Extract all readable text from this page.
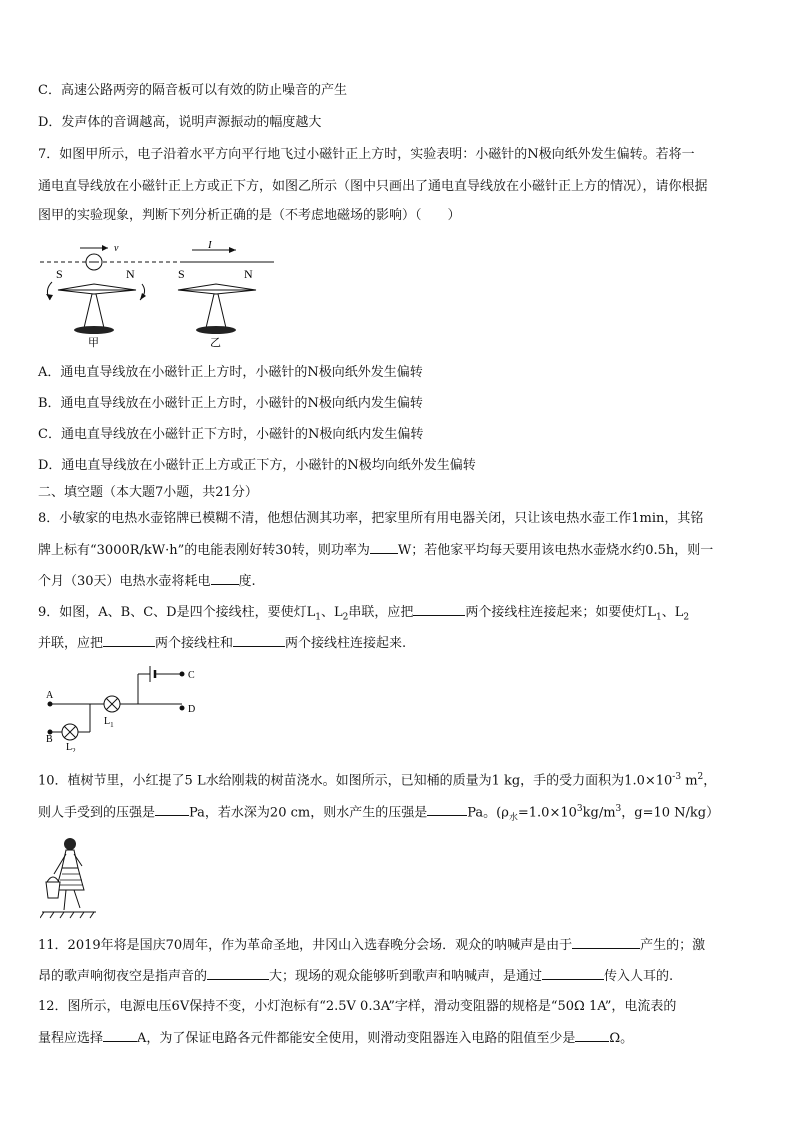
C．高速公路两旁的隔音板可以有效的防止噪音的产生
D．发声体的音调越高，说明声源振动的幅度越大
7．如图甲所示，电子沿着水平方向平行地飞过小磁针正上方时，实验表明：小磁针的N极向纸外发生偏转。若将一
通电直导线放在小磁针正上方或正下方，如图乙所示（图中只画出了通电直导线放在小磁针正上方的情况），请你根据
图甲的实验现象，判断下列分析正确的是（不考虑地磁场的影响）（　　）
v
S	N
甲
I
S	N
乙
A．通电直导线放在小磁针正上方时，小磁针的N极向纸外发生偏转
B．通电直导线放在小磁针正上方时，小磁针的N极向纸内发生偏转
C．通电直导线放在小磁针正下方时，小磁针的N极向纸内发生偏转
D．通电直导线放在小磁针正上方或正下方，小磁针的N极均向纸外发生偏转
二、填空题（本大题7小题，共21分）
8．小敏家的电热水壶铭牌已模糊不清，他想估测其功率，把家里所有用电器关闭，只让该电热水壶工作1min，其铭
牌上标有“3000R/kW·h”的电能表刚好转30转，则功率为 W；若他家平均每天要用该电热水壶烧水约0.5h，则一
个月（30天）电热水壶将耗电 度.
9．如图，A、B、C、D是四个接线柱，要使灯$L_1$、$L_2$串联，应把	两个接线柱连接起来；如要使灯$L_1$、$L_2$
并联，应把	两个接线柱和	两个接线柱连接起来.
A
B
C
D
$L_1$
$L_2$
10．植树节里，小红提了5 L水给刚栽的树苗浇水。如图所示，已知桶的质量为1 kg，手的受力面积为$1.0\times 10^{-3}$ $m^2$，
则人手受到的压强是	Pa，若水深为20 cm，则水产生的压强是	Pa。($\rho_水=1.0\times 10^3kg/m^3$，g=10 N/kg）
11．2019年将是国庆70周年，作为革命圣地，井冈山入选春晚分会场．观众的呐喊声是由于	产生的；激
昂的歌声响彻夜空是指声音的	大；现场的观众能够听到歌声和呐喊声，是通过	传入人耳的.
12．图所示，电源电压6V保持不变，小灯泡标有“2.5V 0.3A”字样，滑动变阻器的规格是“50Ω 1A”，电流表的
量程应选择	A，为了保证电路各元件都能安全使用，则滑动变阻器连入电路的阻值至少是	Ω。
